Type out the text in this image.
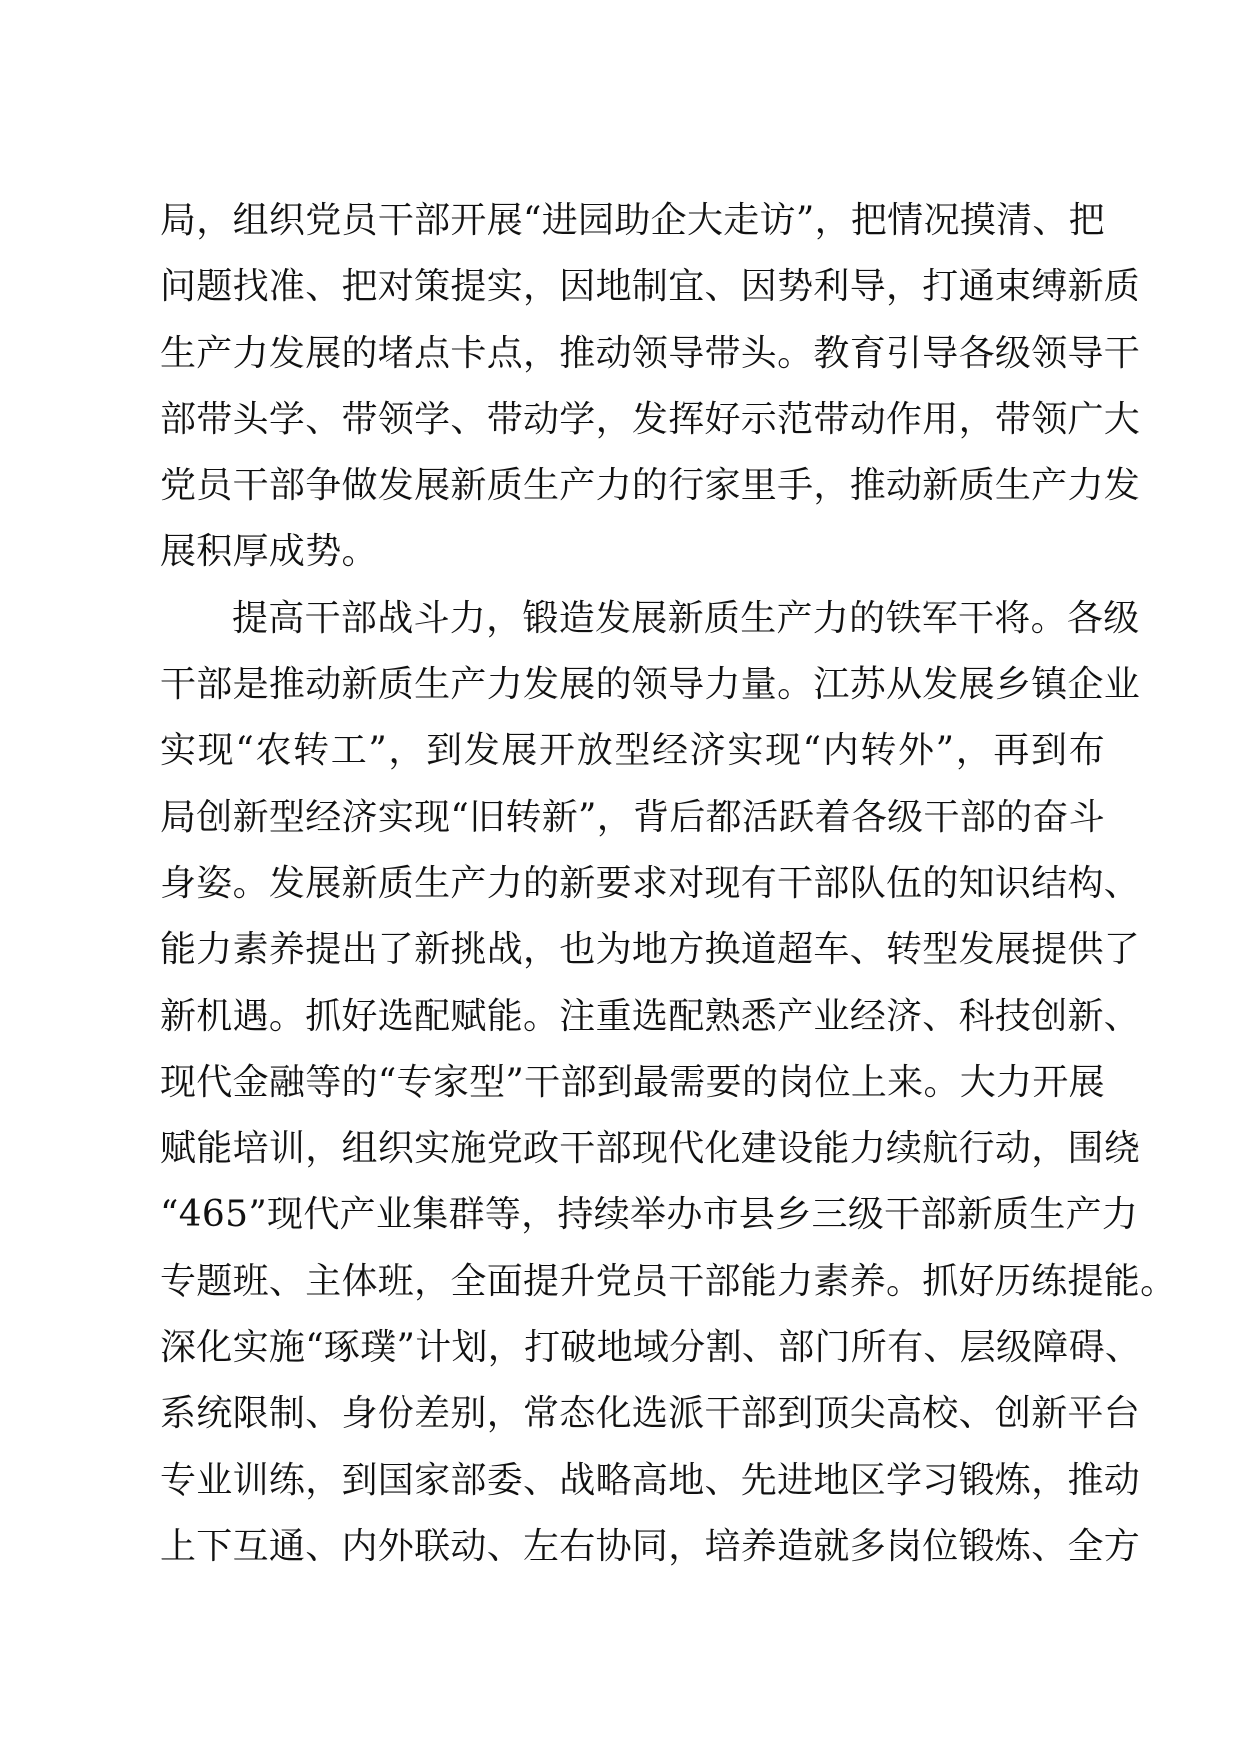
局，组织党员干部开展“进园助企大走访”，把情况摸清、把
问题找准、把对策提实，因地制宜、因势利导，打通束缚新质
生产力发展的堵点卡点，推动领导带头。教育引导各级领导干
部带头学、带领学、带动学，发挥好示范带动作用，带领广大
党员干部争做发展新质生产力的行家里手，推动新质生产力发
展积厚成势。
提高干部战斗力，锻造发展新质生产力的铁军干将。各级
干部是推动新质生产力发展的领导力量。江苏从发展乡镇企业
实现“农转工”，到发展开放型经济实现“内转外”，再到布
局创新型经济实现“旧转新”，背后都活跃着各级干部的奋斗
身姿。发展新质生产力的新要求对现有干部队伍的知识结构、
能力素养提出了新挑战，也为地方换道超车、转型发展提供了
新机遇。抓好选配赋能。注重选配熟悉产业经济、科技创新、
现代金融等的“专家型”干部到最需要的岗位上来。大力开展
赋能培训，组织实施党政干部现代化建设能力续航行动，围绕
“465”现代产业集群等，持续举办市县乡三级干部新质生产力
专题班、主体班，全面提升党员干部能力素养。抓好历练提能。
深化实施“琢璞”计划，打破地域分割、部门所有、层级障碍、
系统限制、身份差别，常态化选派干部到顶尖高校、创新平台
专业训练，到国家部委、战略高地、先进地区学习锻炼，推动
上下互通、内外联动、左右协同，培养造就多岗位锻炼、全方
